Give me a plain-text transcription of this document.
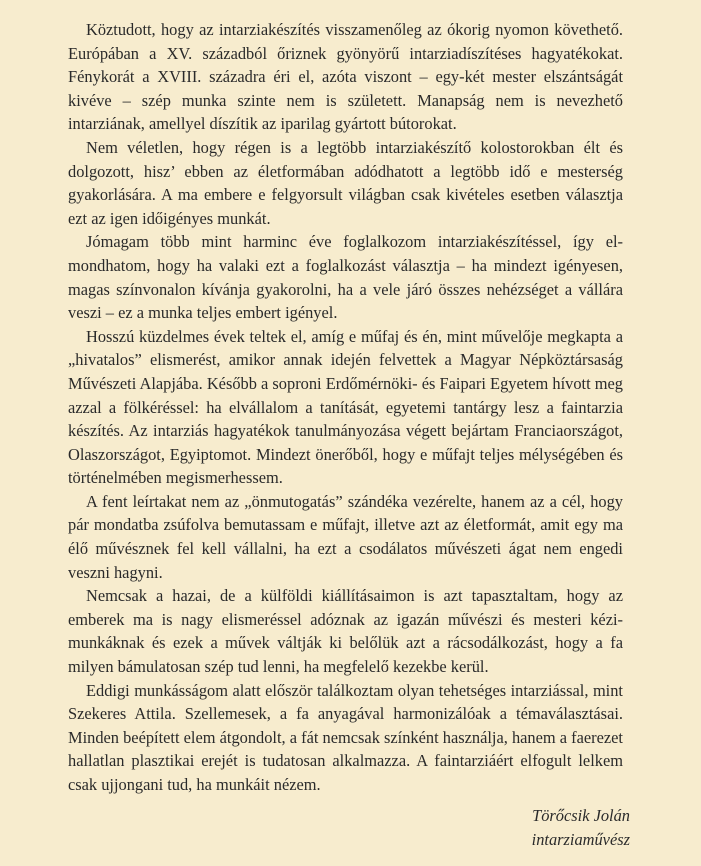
Köztudott, hogy az intarziakészítés visszamenőleg az ókorig nyomon követhető. Európában a XV. századból őriznek gyönyörű intarziadíszítéses hagyatékokat. Fénykorát a XVIII. századra éri el, azóta viszont – egy-két mester elszántságát kivéve – szép munka szinte nem is született. Manapság nem is nevezhető intarziának, amellyel díszítik az iparilag gyártott bútorokat.

Nem véletlen, hogy régen is a legtöbb intarziakészítő kolostorokban élt és dolgozott, hisz’ ebben az életformában adódhatott a legtöbb idő e mesterség gyakorlására. A ma embere e felgyorsult világban csak kivételes esetben választja ezt az igen időigényes munkát.

Jómagam több mint harminc éve foglalkozom intarziakészítéssel, így elmondhatom, hogy ha valaki ezt a foglalkozást választja – ha mindezt igényesen, magas színvonalon kívánja gyakorolni, ha a vele járó összes nehézséget a vállára veszi – ez a munka teljes embert igényel.

Hosszú küzdelmes évek teltek el, amíg e műfaj és én, mint művelője megkapta a „hivatalos” elismerést, amikor annak idején felvettek a Magyar Népköztársaság Művészeti Alapjába. Később a soproni Erdőmérnöki- és Faipari Egyetem hívott meg azzal a fölkéréssel: ha elvállalom a tanítását, egyetemi tantárgy lesz a faintarzia készítés. Az intarziás hagyatékok tanulmányozása végett bejártam Franciaországot, Olaszországot, Egyiptomot. Mindezt önerőből, hogy e műfajt teljes mélységében és történelmében megismerhessem.

A fent leírtakat nem az „önmutogatás” szándéka vezérelte, hanem az a cél, hogy pár mondatba zsúfolva bemutassam e műfajt, illetve azt az életformát, amit egy ma élő művésznek fel kell vállalni, ha ezt a csodálatos művészeti ágat nem engedi veszni hagyni.

Nemcsak a hazai, de a külföldi kiállításaimon is azt tapasztaltam, hogy az emberek ma is nagy elismeréssel adóznak az igazán művészi és mesteri kézimunkáknak és ezek a művek váltják ki belőlük azt a rácsodálkozást, hogy a fa milyen bámulatosan szép tud lenni, ha megfelelő kezekbe kerül.

Eddigi munkásságom alatt először találkoztam olyan tehetséges intarziással, mint Szekeres Attila. Szellemesek, a fa anyagával harmonizálóak a témaválasztásai. Minden beépített elem átgondolt, a fát nemcsak színként használja, hanem a faerezet hallatlan plasztikai erejét is tudatosan alkalmazza. A faintarziáért elfogult lelkem csak ujjongani tud, ha munkáit nézem.

Törőcsik Jolán
intarziaművész
